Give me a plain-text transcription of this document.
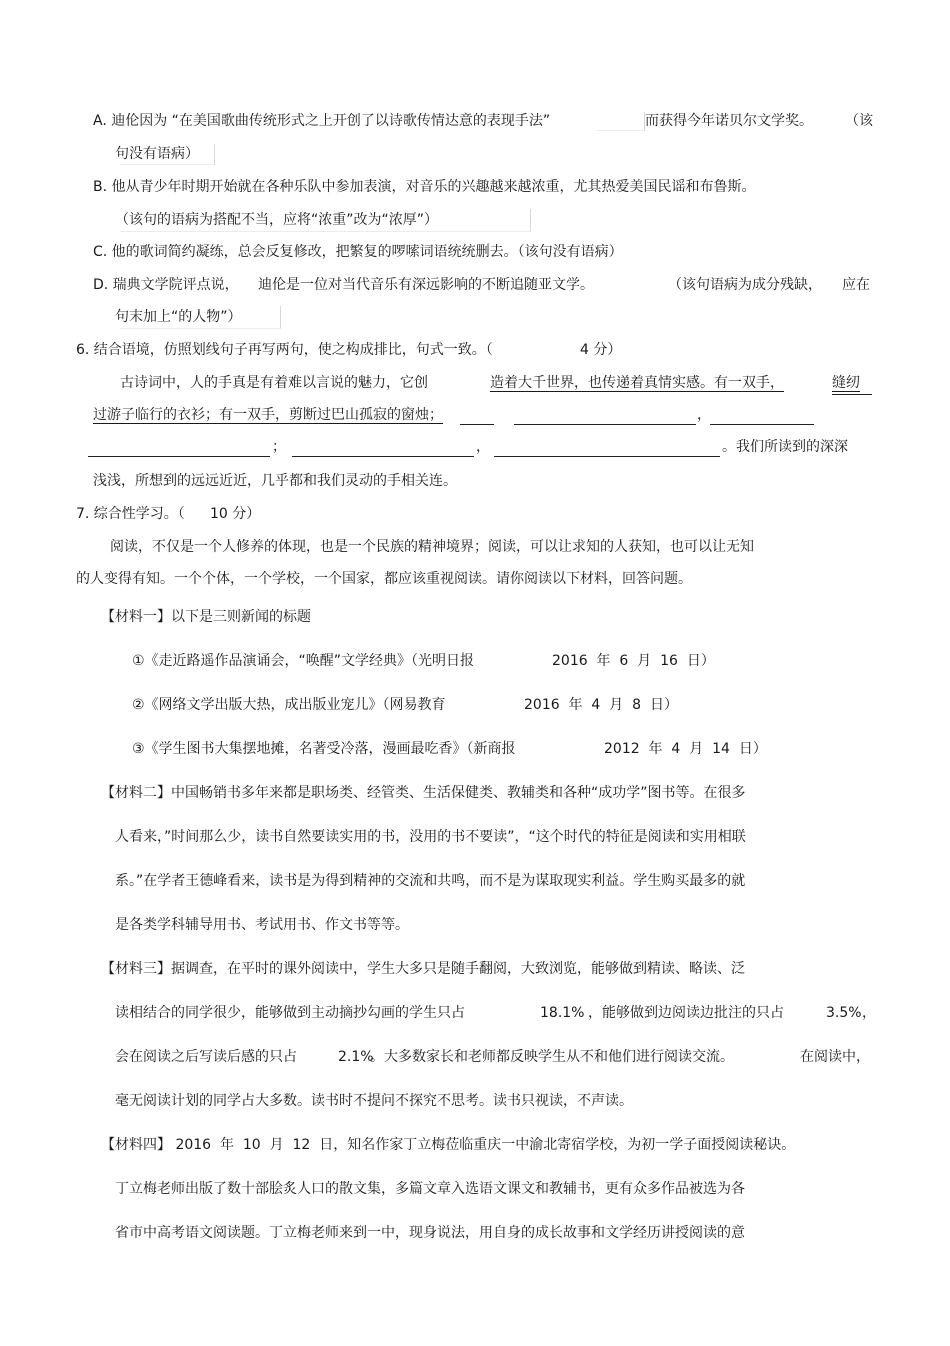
A. 迪伦因为 “在美国歌曲传统形式之上开创了以诗歌传情达意的表现手法”	而获得今年诺贝尔文学奖。 （该
句没有语病）
B. 他从青少年时期开始就在各种乐队中参加表演，对音乐的兴趣越来越浓重，尤其热爱美国民谣和布鲁斯。
（该句的语病为搭配不当，应将“浓重”改为“浓厚”）
C. 他的歌词简约凝练，总会反复修改，把繁复的啰嗦词语统统删去。（该句没有语病）
D. 瑞典文学院评点说， 迪伦是一位对当代音乐有深远影响的不断追随亚文学。	（该句语病为成分残缺， 应在
句末加上“的人物”）
6. 结合语境，仿照划线句子再写两句，使之构成排比，句式一致。（	4 分）
古诗词中，人的手真是有着难以言说的魅力，它创	造着大千世界，也传递着真情实感。有一双手，	缝纫
过游子临行的衣衫；有一双手，剪断过巴山孤寂的窗烛；	，
；	，	。我们所读到的深深
浅浅，所想到的远远近近，几乎都和我们灵动的手相关连。
7. 综合性学习。（ 10 分）
阅读，不仅是一个人修养的体现，也是一个民族的精神境界；阅读，可以让求知的人获知，也可以让无知
的人变得有知。一个个体，一个学校，一个国家，都应该重视阅读。请你阅读以下材料，回答问题。
【材料一】以下是三则新闻的标题
①《走近路遥作品演诵会，“唤醒”文学经典》（光明日报	2016  年  6  月  16  日）
②《网络文学出版大热，成出版业宠儿》（网易教育	2016  年  4  月  8  日）
③《学生图书大集摆地摊，名著受冷落，漫画最吃香》（新商报	2012  年  4  月  14  日）
【材料二】中国畅销书多年来都是职场类、经管类、生活保健类、教辅类和各种“成功学”图书等。在很多
人看来，”时间那么少，读书自然要读实用的书，没用的书不要读”，“这个时代的特征是阅读和实用相联
系。”在学者王德峰看来，读书是为得到精神的交流和共鸣，而不是为谋取现实利益。学生购买最多的就
是各类学科辅导用书、考试用书、作文书等等。
【材料三】据调查，在平时的课外阅读中，学生大多只是随手翻阅，大致浏览，能够做到精读、略读、泛
读相结合的同学很少，能够做到主动摘抄勾画的学生只占	18.1% ，能够做到边阅读边批注的只占	3.5% ，
会在阅读之后写读后感的只占	2.1%
。大多数家长和老师都反映学生从不和他们进行阅读交流。	在阅读中，
毫无阅读计划的同学占大多数。读书时不提问不探究不思考。读书只视读，不声读。
【材料四】 2016  年  10  月  12  日，知名作家丁立梅莅临重庆一中渝北寄宿学校，为初一学子面授阅读秘诀。
丁立梅老师出版了数十部脍炙人口的散文集，多篇文章入选语文课文和教辅书，更有众多作品被选为各
省市中高考语文阅读题。丁立梅老师来到一中，现身说法，用自身的成长故事和文学经历讲授阅读的意
